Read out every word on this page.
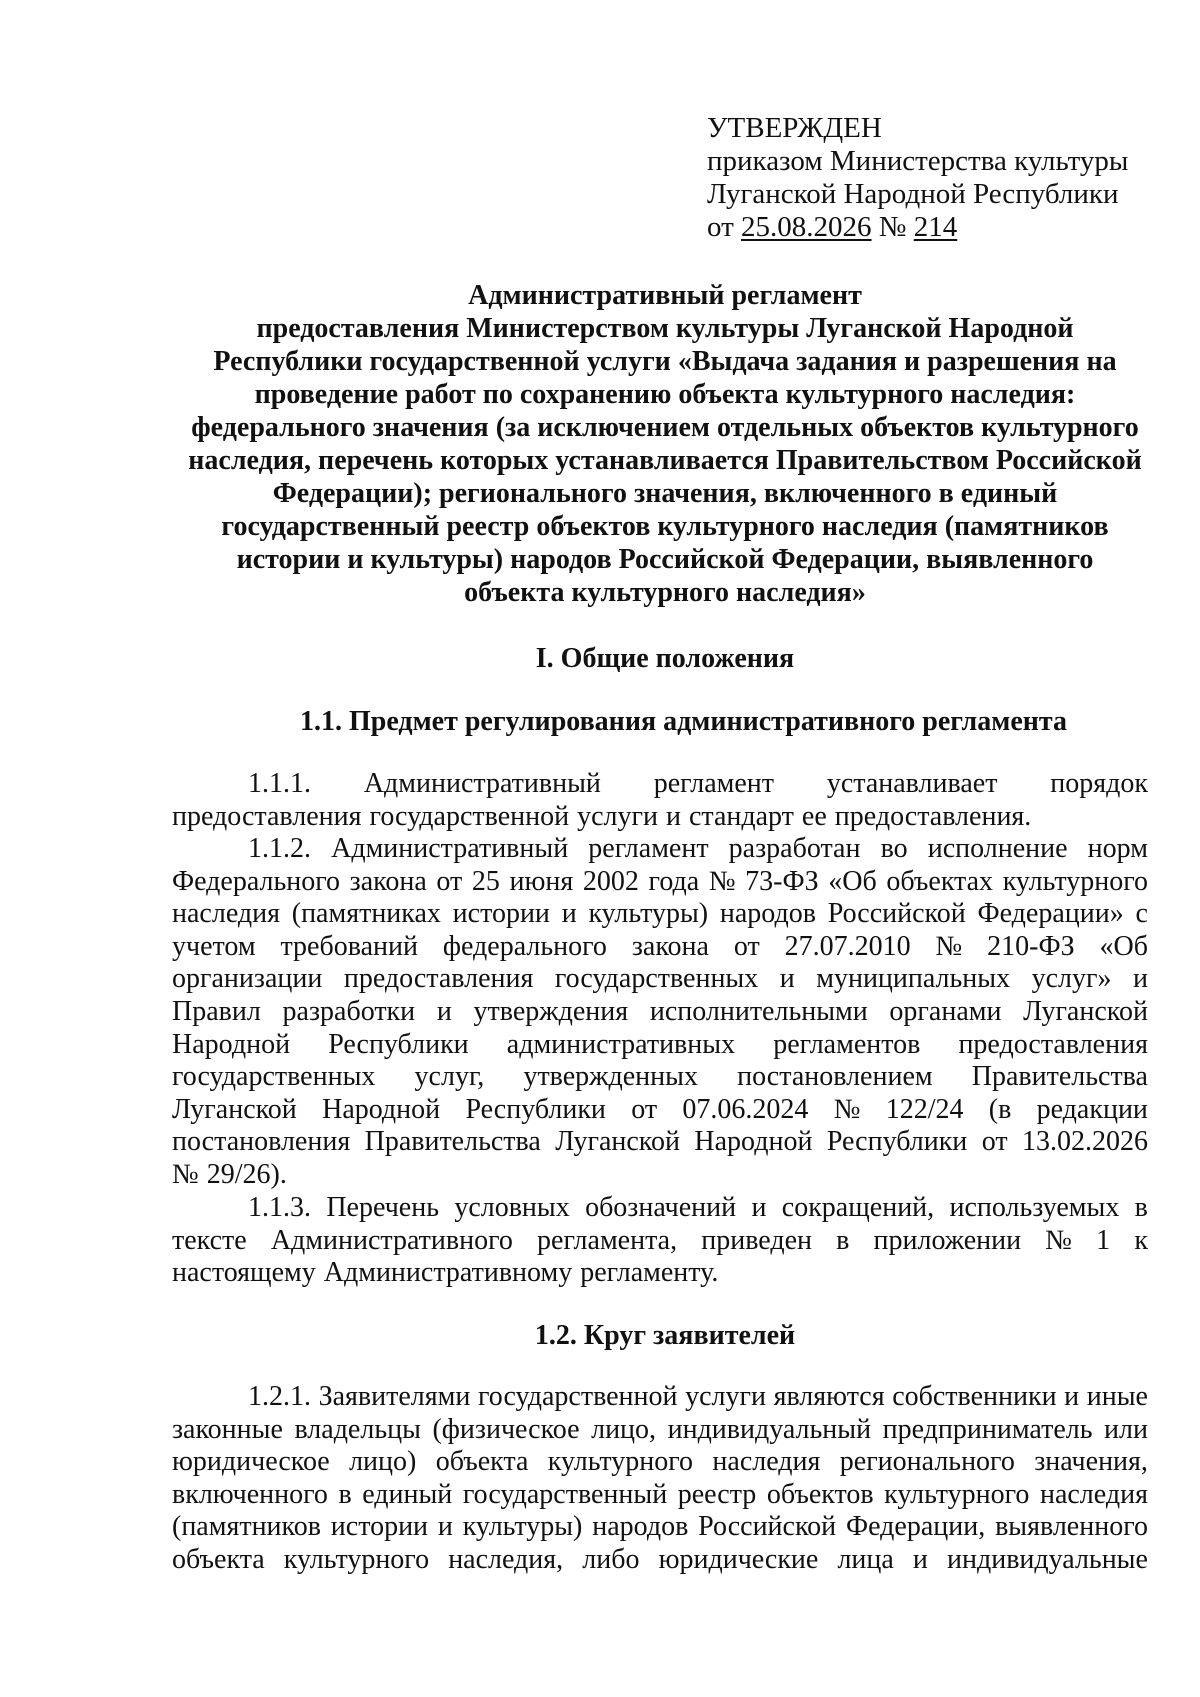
УТВЕРЖДЕН
приказом Министерства культуры
Луганской Народной Республики
от 25.08.2026 № 214
Административный регламент
предоставления Министерством культуры Луганской Народной
Республики государственной услуги «Выдача задания и разрешения на
проведение работ по сохранению объекта культурного наследия:
федерального значения (за исключением отдельных объектов культурного
наследия, перечень которых устанавливается Правительством Российской
Федерации); регионального значения, включенного в единый
государственный реестр объектов культурного наследия (памятников
истории и культуры) народов Российской Федерации, выявленного
объекта культурного наследия»
I. Общие положения
1.1. Предмет регулирования административного регламента
1.1.1. Административный регламент устанавливает порядок
предоставления государственной услуги и стандарт ее предоставления.
1.1.2. Административный регламент разработан во исполнение норм
Федерального закона от 25 июня 2002 года № 73-ФЗ «Об объектах культурного
наследия (памятниках истории и культуры) народов Российской Федерации» с
учетом требований федерального закона от 27.07.2010 № 210-ФЗ «Об
организации предоставления государственных и муниципальных услуг» и
Правил разработки и утверждения исполнительными органами Луганской
Народной Республики административных регламентов предоставления
государственных услуг, утвержденных постановлением Правительства
Луганской Народной Республики от 07.06.2024 № 122/24 (в редакции
постановления Правительства Луганской Народной Республики от 13.02.2026
№ 29/26).
1.1.3. Перечень условных обозначений и сокращений, используемых в
тексте Административного регламента, приведен в приложении № 1 к
настоящему Административному регламенту.
1.2. Круг заявителей
1.2.1. Заявителями государственной услуги являются собственники и иные
законные владельцы (физическое лицо, индивидуальный предприниматель или
юридическое лицо) объекта культурного наследия регионального значения,
включенного в единый государственный реестр объектов культурного наследия
(памятников истории и культуры) народов Российской Федерации, выявленного
объекта культурного наследия, либо юридические лица и индивидуальные
